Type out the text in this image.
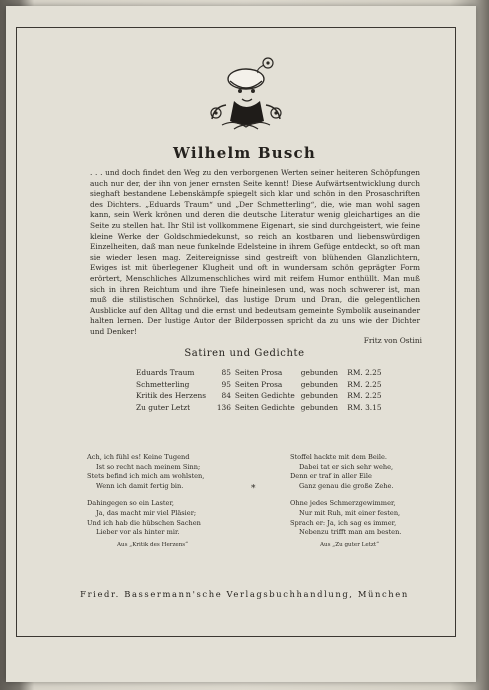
Wilhelm Busch
. . . und doch findet den Weg zu den verborgenen Werten seiner heiteren Schöpfungen auch nur der, der ihn von jener ernsten Seite kennt! Diese Aufwärtsentwicklung durch sieghaft bestandene Lebenskämpfe spiegelt sich klar und schön in den Prosaschriften des Dichters. „Eduards Traum“ und „Der Schmetterling“, die, wie man wohl sagen kann, sein Werk krönen und deren die deutsche Literatur wenig gleichartiges an die Seite zu stellen hat. Ihr Stil ist vollkommene Eigenart, sie sind durchgeistert, wie feine kleine Werke der Goldschmiedekunst, so reich an kostbaren und liebenswürdigen Einzelheiten, daß man neue funkelnde Edelsteine in ihrem Gefüge entdeckt, so oft man sie wieder lesen mag. Zeitereignisse sind gestreift von blühenden Glanzlichtern, Ewiges ist mit überlegener Klugheit und oft in wundersam schön geprägter Form erörtert, Menschliches Allzumenschliches wird mit reifem Humor enthüllt. Man muß sich in ihren Reichtum und ihre Tiefe hineinlesen und, was noch schwerer ist, man muß die stilistischen Schnörkel, das lustige Drum und Dran, die gelegentlichen Ausblicke auf den Alltag und die ernst und bedeutsam gemeinte Symbolik auseinander halten lernen. Der lustige Autor der Bilderpossen spricht da zu uns wie der Dichter und Denker!
Fritz von Ostini
Satiren und Gedichte
Eduards Traum	85 Seiten Prosa	gebunden	RM. 2.25
Schmetterling	95 Seiten Prosa	gebunden	RM. 2.25
Kritik des Herzens	84 Seiten Gedichte gebunden	RM. 2.25
Zu guter Letzt	136 Seiten Gedichte gebunden	RM. 3.15
Ach, ich fühl es! Keine Tugend
Ist so recht nach meinem Sinn;
Stets befind ich mich am wohlsten,
Wenn ich damit fertig bin.
Dahingegen so ein Laster,
Ja, das macht mir viel Pläsier;
Und ich hab die hübschen Sachen
Lieber vor als hinter mir.
Aus „Kritik des Herzens“
*
Stoffel hackte mit dem Beile.
Dabei tat er sich sehr wehe,
Denn er traf in aller Eile
Ganz genau die große Zehe.
Ohne jedes Schmerzgewimmer,
Nur mit Ruh, mit einer festen,
Sprach er: Ja, ich sag es immer,
Nebenzu trifft man am besten.
Aus „Zu guter Letzt“
Friedr. Bassermann'sche Verlagsbuchhandlung, München
